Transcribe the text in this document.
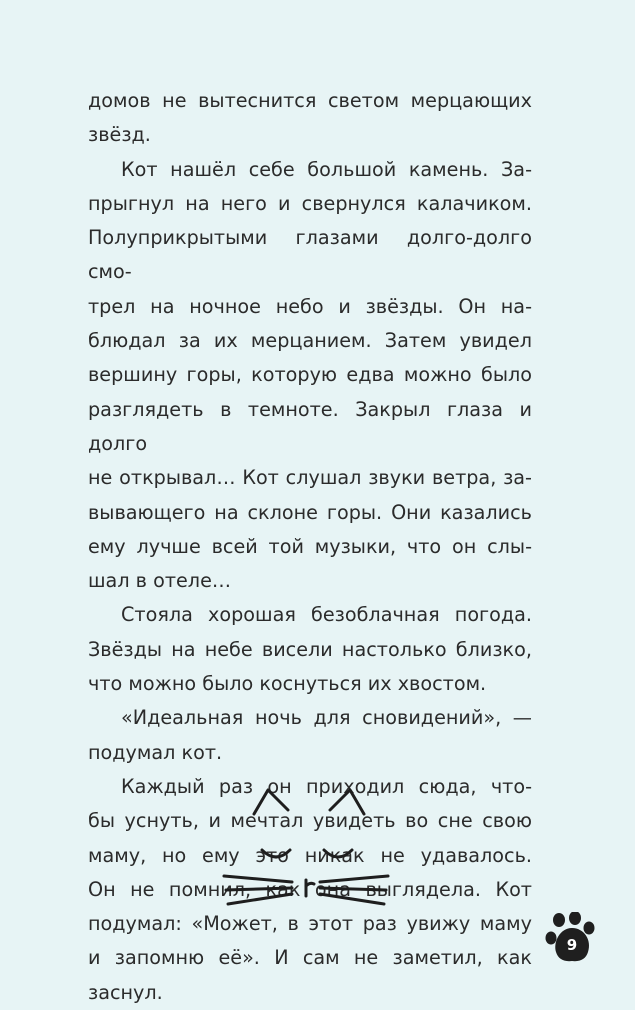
домов не вытеснится светом мерцающих

звёзд.

Кот нашёл себе большой камень. За-

прыгнул на него и свернулся калачиком.

Полуприкрытыми глазами долго-долго смо-

трел на ночное небо и звёзды. Он на-

блюдал за их мерцанием. Затем увидел

вершину горы, которую едва можно было

разглядеть в темноте. Закрыл глаза и долго

не открывал… Кот слушал звуки ветра, за-

вывающего на склоне горы. Они казались

ему лучше всей той музыки, что он слы-

шал в отеле…

Стояла хорошая безоблачная погода.

Звёзды на небе висели настолько близко,

что можно было коснуться их хвостом.

«Идеальная ночь для сновидений», —

подумал кот.

Каждый раз он приходил сюда, что-

бы уснуть, и мечтал увидеть во сне свою

маму, но ему это никак не удавалось.

Он не помнил, как она выглядела. Кот

подумал: «Может, в этот раз увижу маму

и запомню её». И сам не заметил, как

заснул.

9
